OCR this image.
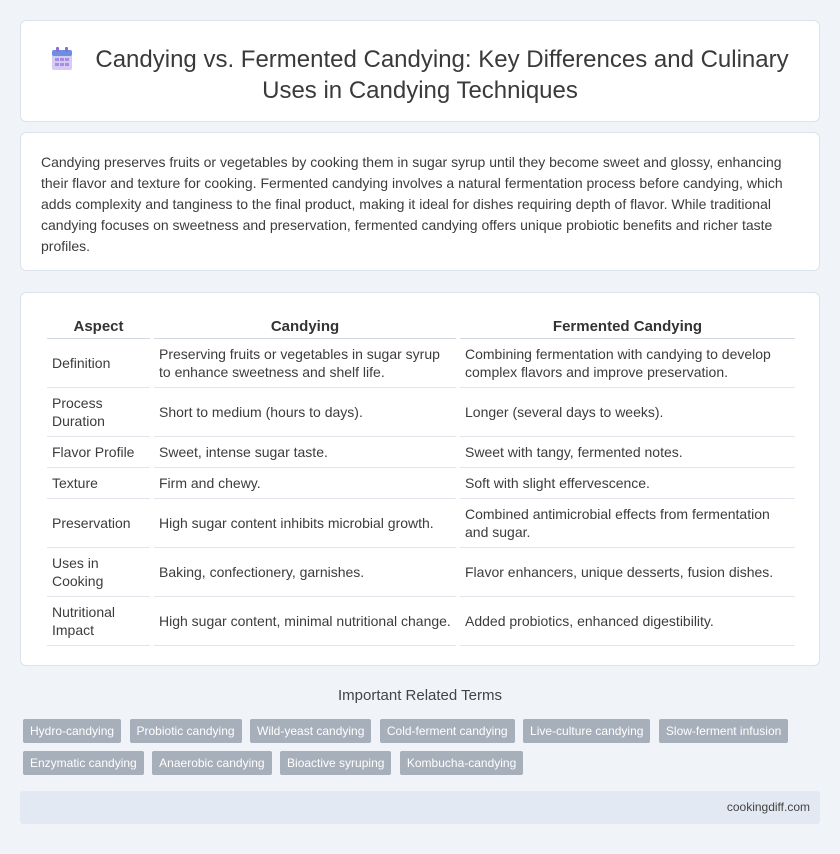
Candying vs. Fermented Candying: Key Differences and Culinary Uses in Candying Techniques

Candying preserves fruits or vegetables by cooking them in sugar syrup until they become sweet and glossy, enhancing their flavor and texture for cooking. Fermented candying involves a natural fermentation process before candying, which adds complexity and tanginess to the final product, making it ideal for dishes requiring depth of flavor. While traditional candying focuses on sweetness and preservation, fermented candying offers unique probiotic benefits and richer taste profiles.

Aspect	Candying	Fermented Candying
Definition	Preserving fruits or vegetables in sugar syrup to enhance sweetness and shelf life.	Combining fermentation with candying to develop complex flavors and improve preservation.
Process Duration	Short to medium (hours to days).	Longer (several days to weeks).
Flavor Profile	Sweet, intense sugar taste.	Sweet with tangy, fermented notes.
Texture	Firm and chewy.	Soft with slight effervescence.
Preservation	High sugar content inhibits microbial growth.	Combined antimicrobial effects from fermentation and sugar.
Uses in Cooking	Baking, confectionery, garnishes.	Flavor enhancers, unique desserts, fusion dishes.
Nutritional Impact	High sugar content, minimal nutritional change.	Added probiotics, enhanced digestibility.
Important Related Terms
Hydro-candying Probiotic candying Wild-yeast candying Cold-ferment candying Live-culture candying Slow-ferment infusion Enzymatic candying Anaerobic candying Bioactive syruping Kombucha-candying
cookingdiff.com
